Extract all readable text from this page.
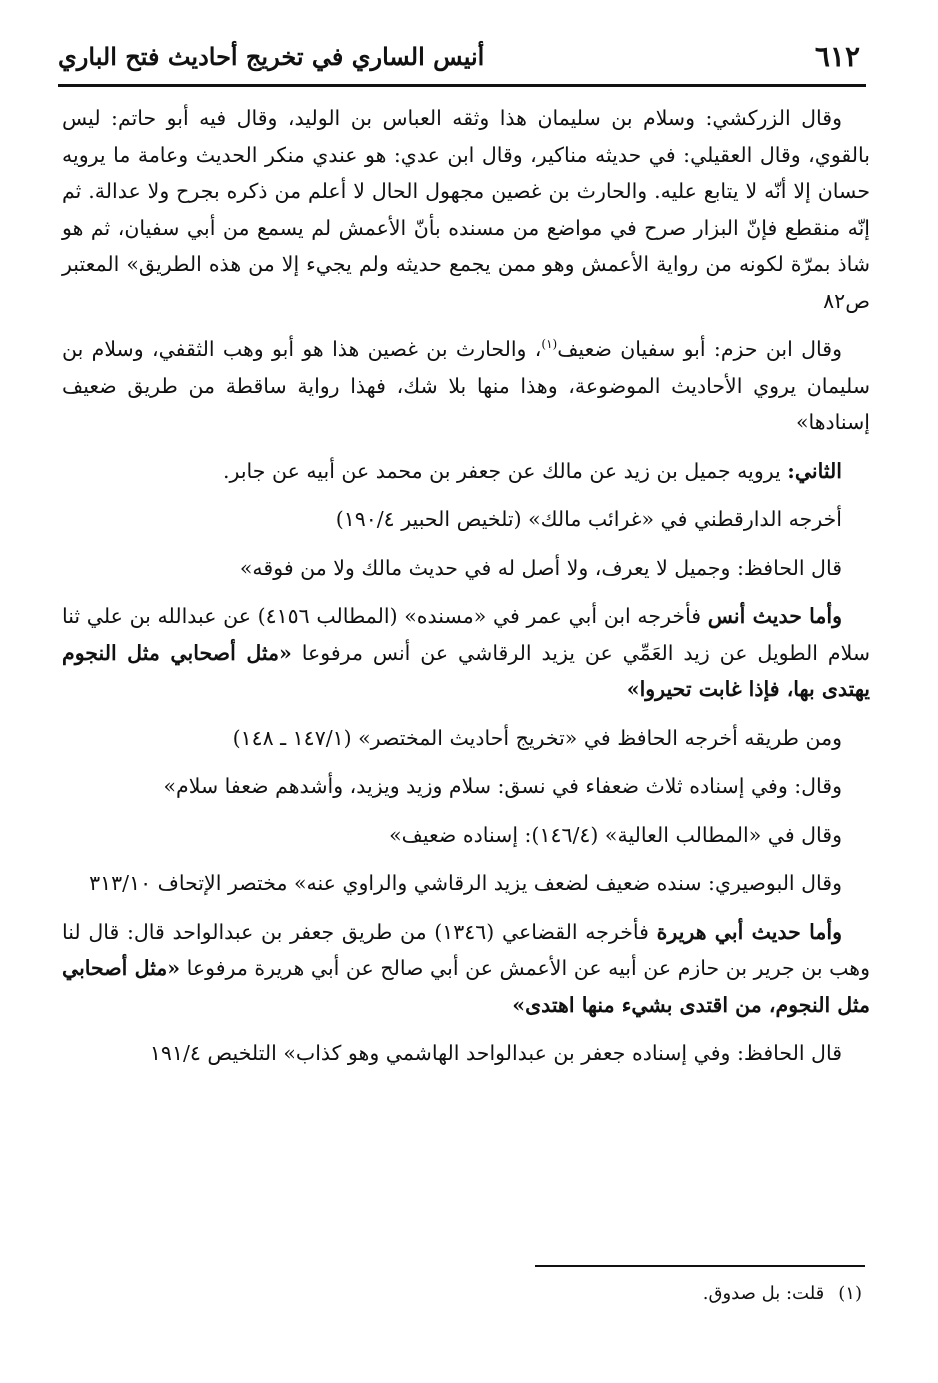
٦١٢
أنيس الساري في تخريج أحاديث فتح الباري

وقال الزركشي: وسلام بن سليمان هذا وثقه العباس بن الوليد، وقال فيه أبو حاتم: ليس بالقوي، وقال العقيلي: في حديثه مناكير، وقال ابن عدي: هو عندي منكر الحديث وعامة ما يرويه حسان إلا أنّه لا يتابع عليه. والحارث بن غصين مجهول الحال لا أعلم من ذكره بجرح ولا عدالة. ثم إنّه منقطع فإنّ البزار صرح في مواضع من مسنده بأنّ الأعمش لم يسمع من أبي سفيان، ثم هو شاذ بمرّة لكونه من رواية الأعمش وهو ممن يجمع حديثه ولم يجيء إلا من هذه الطريق» المعتبر ص٨٢

وقال ابن حزم: أبو سفيان ضعيف$^{(١)}$، والحارث بن غصين هذا هو أبو وهب الثقفي، وسلام بن سليمان يروي الأحاديث الموضوعة، وهذا منها بلا شك، فهذا رواية ساقطة من طريق ضعيف إسنادها»

الثاني: يرويه جميل بن زيد عن مالك عن جعفر بن محمد عن أبيه عن جابر.

أخرجه الدارقطني في «غرائب مالك» (تلخيص الحبير ١٩٠/٤)

قال الحافظ: وجميل لا يعرف، ولا أصل له في حديث مالك ولا من فوقه»

وأما حديث أنس فأخرجه ابن أبي عمر في «مسنده» (المطالب ٤١٥٦) عن عبدالله بن علي ثنا سلام الطويل عن زيد العَمِّي عن يزيد الرقاشي عن أنس مرفوعا «مثل أصحابي مثل النجوم يهتدى بها، فإذا غابت تحيروا»

ومن طريقه أخرجه الحافظ في «تخريج أحاديث المختصر» (١٤٧/١ ـ ١٤٨)

وقال: وفي إسناده ثلاث ضعفاء في نسق: سلام وزيد ويزيد، وأشدهم ضعفا سلام»

وقال في «المطالب العالية» (١٤٦/٤): إسناده ضعيف»

وقال البوصيري: سنده ضعيف لضعف يزيد الرقاشي والراوي عنه» مختصر الإتحاف ٣١٣/١٠

وأما حديث أبي هريرة فأخرجه القضاعي (١٣٤٦) من طريق جعفر بن عبدالواحد قال: قال لنا وهب بن جرير بن حازم عن أبيه عن الأعمش عن أبي صالح عن أبي هريرة مرفوعا «مثل أصحابي مثل النجوم، من اقتدى بشيء منها اهتدى»

قال الحافظ: وفي إسناده جعفر بن عبدالواحد الهاشمي وهو كذاب» التلخيص ١٩١/٤

(١)قلت: بل صدوق.
